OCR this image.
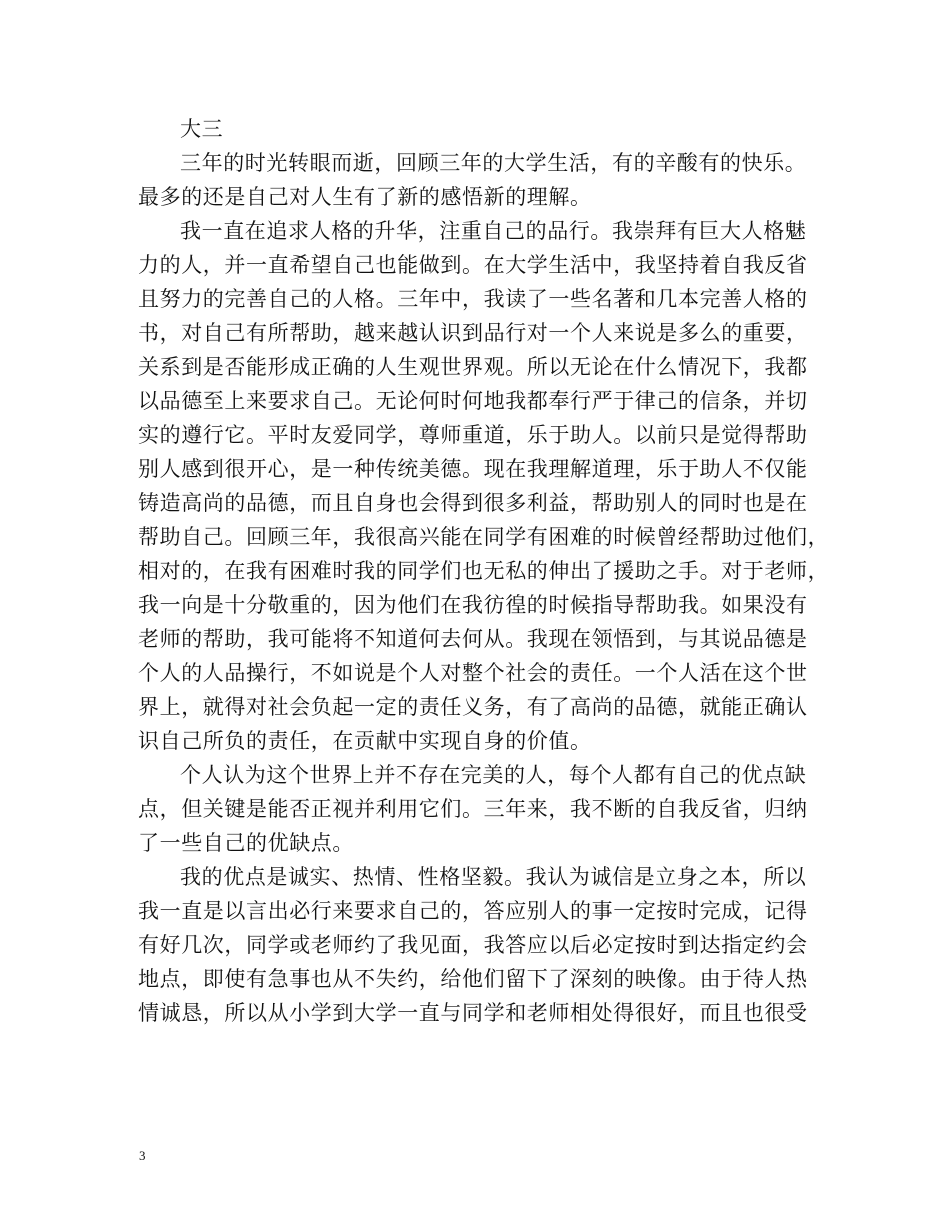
大三
三年的时光转眼而逝，回顾三年的大学生活，有的辛酸有的快乐。
最多的还是自己对人生有了新的感悟新的理解。
我一直在追求人格的升华，注重自己的品行。我崇拜有巨大人格魅
力的人，并一直希望自己也能做到。在大学生活中，我坚持着自我反省
且努力的完善自己的人格。三年中，我读了一些名著和几本完善人格的
书，对自己有所帮助，越来越认识到品行对一个人来说是多么的重要，
关系到是否能形成正确的人生观世界观。所以无论在什么情况下，我都
以品德至上来要求自己。无论何时何地我都奉行严于律己的信条，并切
实的遵行它。平时友爱同学，尊师重道，乐于助人。以前只是觉得帮助
别人感到很开心，是一种传统美德。现在我理解道理，乐于助人不仅能
铸造高尚的品德，而且自身也会得到很多利益，帮助别人的同时也是在
帮助自己。回顾三年，我很高兴能在同学有困难的时候曾经帮助过他们，
相对的，在我有困难时我的同学们也无私的伸出了援助之手。对于老师，
我一向是十分敬重的，因为他们在我彷徨的时候指导帮助我。如果没有
老师的帮助，我可能将不知道何去何从。我现在领悟到，与其说品德是
个人的人品操行，不如说是个人对整个社会的责任。一个人活在这个世
界上，就得对社会负起一定的责任义务，有了高尚的品德，就能正确认
识自己所负的责任，在贡献中实现自身的价值。
个人认为这个世界上并不存在完美的人，每个人都有自己的优点缺
点，但关键是能否正视并利用它们。三年来，我不断的自我反省，归纳
了一些自己的优缺点。
我的优点是诚实、热情、性格坚毅。我认为诚信是立身之本，所以
我一直是以言出必行来要求自己的，答应别人的事一定按时完成，记得
有好几次，同学或老师约了我见面，我答应以后必定按时到达指定约会
地点，即使有急事也从不失约，给他们留下了深刻的映像。由于待人热
情诚恳，所以从小学到大学一直与同学和老师相处得很好，而且也很受
3
